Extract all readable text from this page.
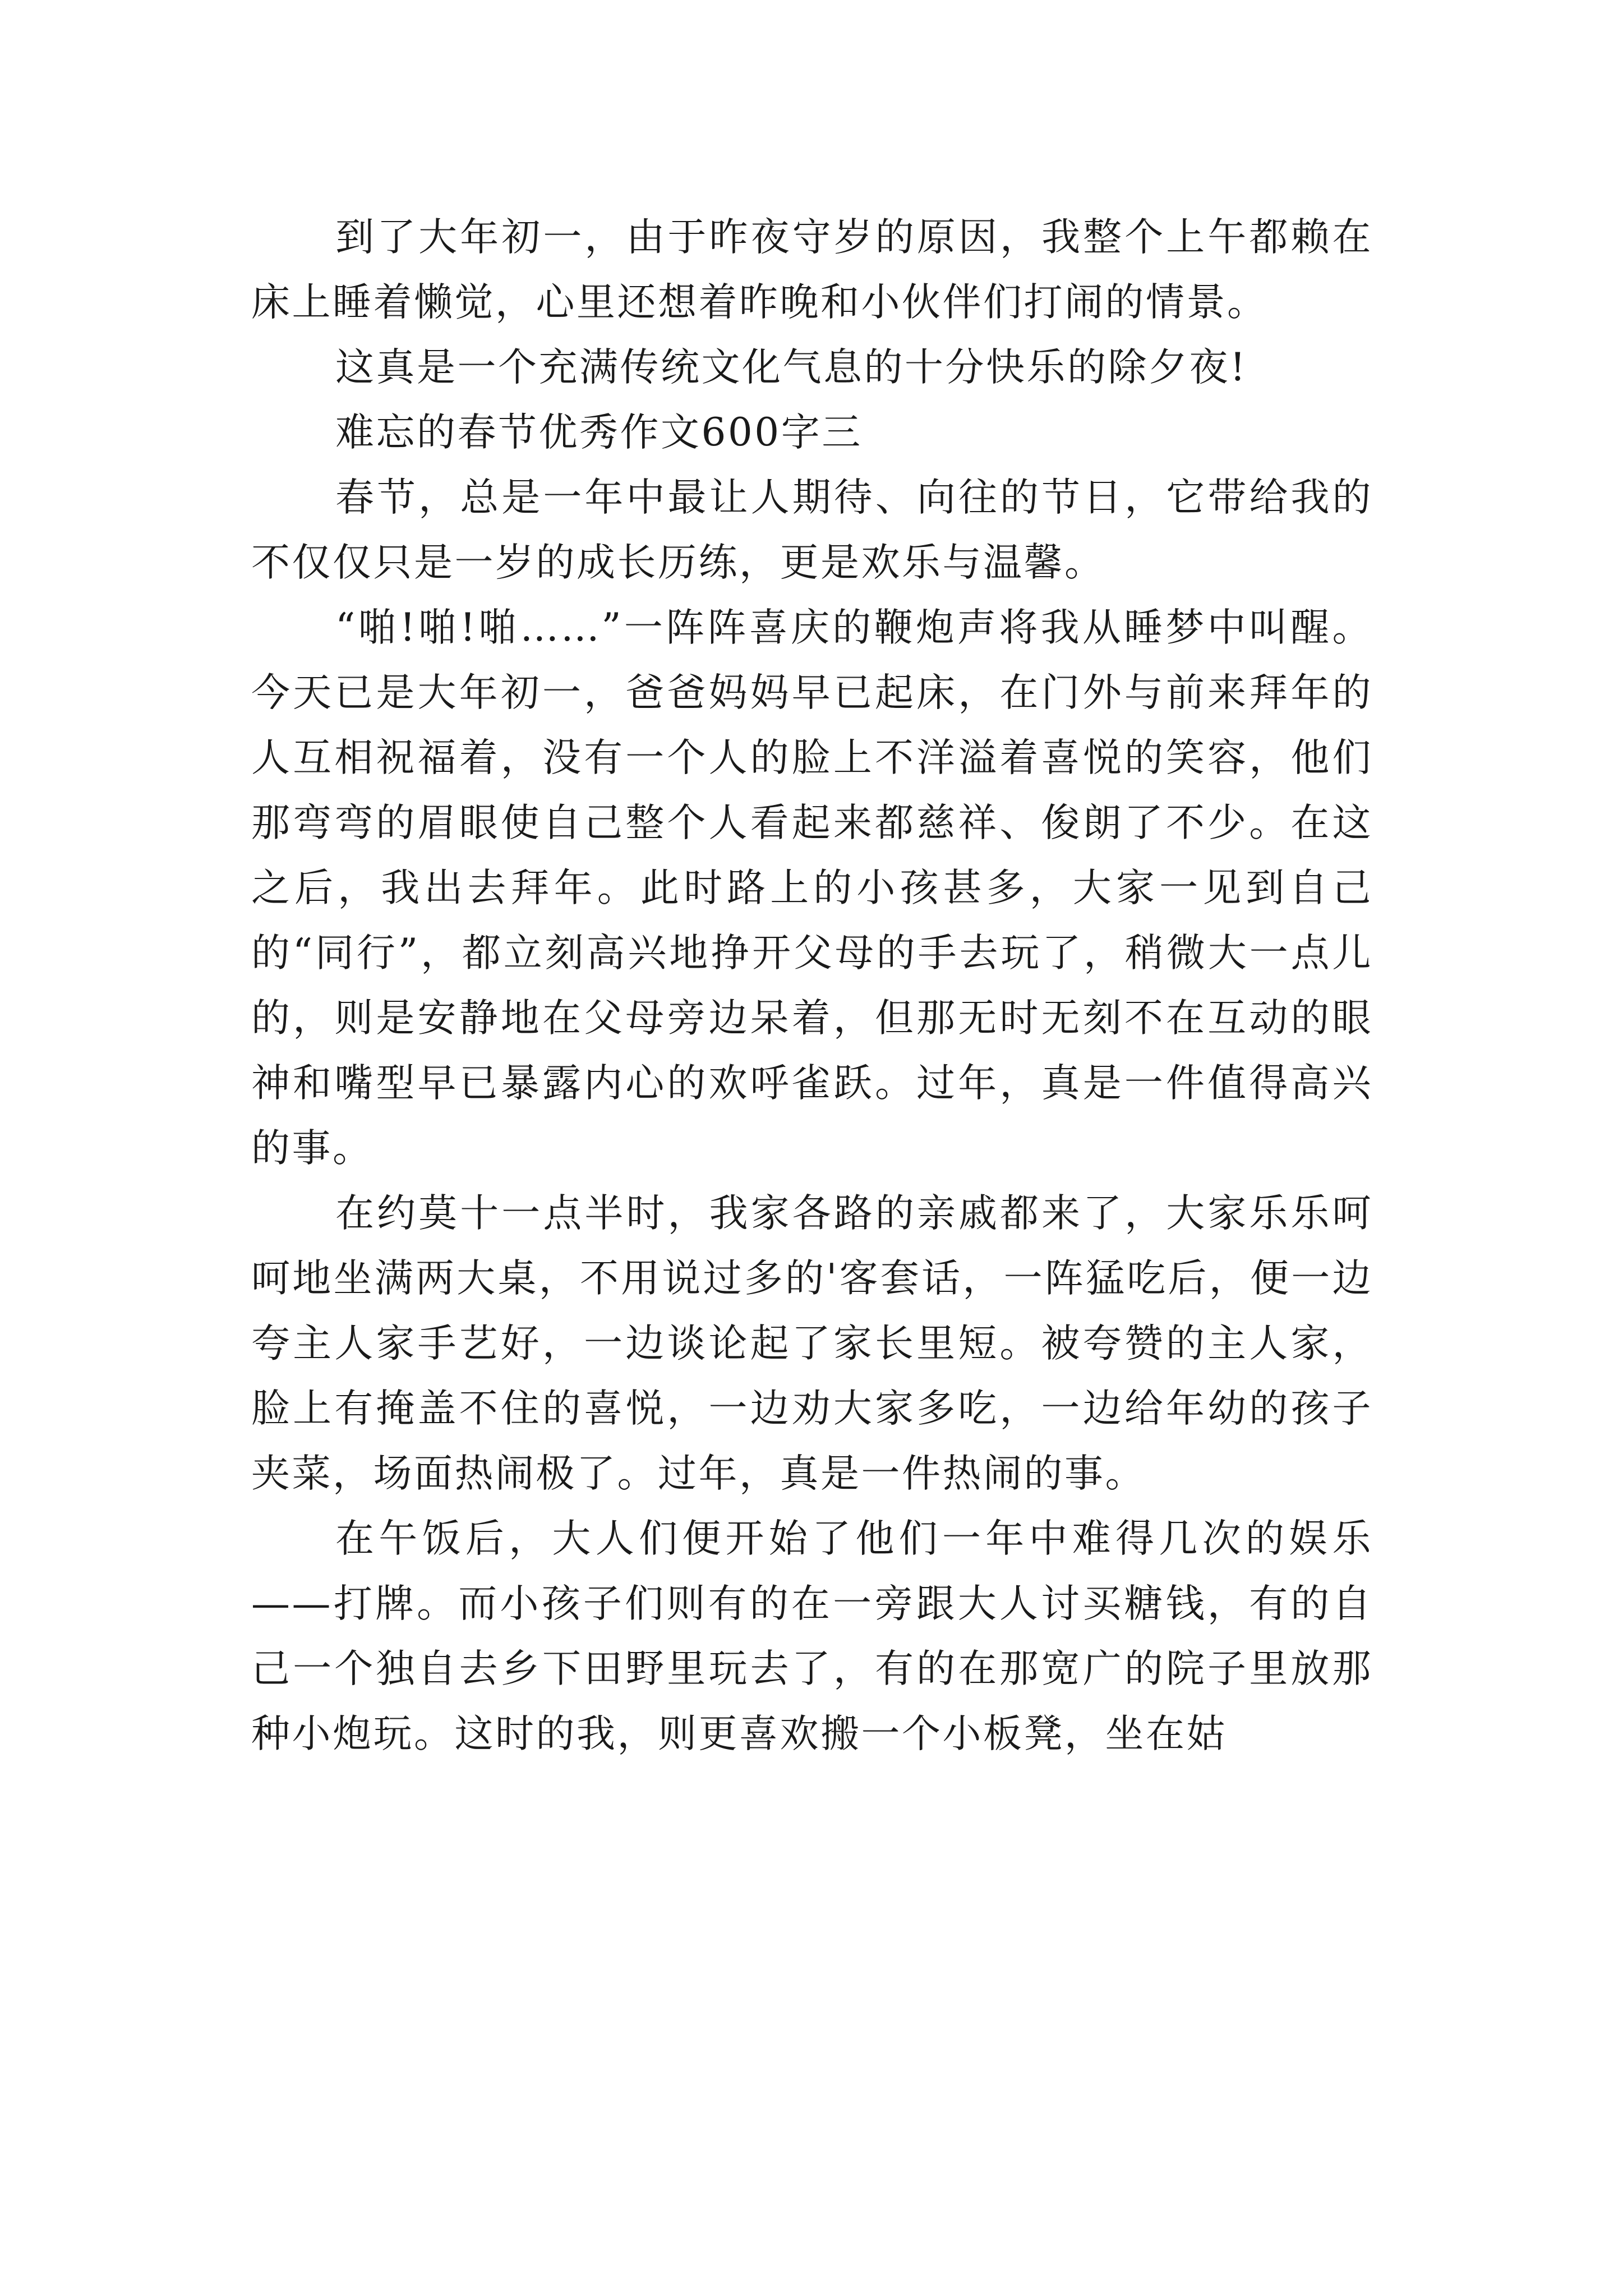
到了大年初一，由于昨夜守岁的原因，我整个上午都赖在床上睡着懒觉，心里还想着昨晚和小伙伴们打闹的情景。

这真是一个充满传统文化气息的十分快乐的除夕夜!

难忘的春节优秀作文600字三

春节，总是一年中最让人期待、向往的节日，它带给我的不仅仅只是一岁的成长历练，更是欢乐与温馨。

“啪!啪!啪……”一阵阵喜庆的鞭炮声将我从睡梦中叫醒。今天已是大年初一，爸爸妈妈早已起床，在门外与前来拜年的人互相祝福着，没有一个人的脸上不洋溢着喜悦的笑容，他们那弯弯的眉眼使自己整个人看起来都慈祥、俊朗了不少。在这之后，我出去拜年。此时路上的小孩甚多，大家一见到自己的“同行”，都立刻高兴地挣开父母的手去玩了，稍微大一点儿的，则是安静地在父母旁边呆着，但那无时无刻不在互动的眼神和嘴型早已暴露内心的欢呼雀跃。过年，真是一件值得高兴的事。

在约莫十一点半时，我家各路的亲戚都来了，大家乐乐呵呵地坐满两大桌，不用说过多的'客套话，一阵猛吃后，便一边夸主人家手艺好，一边谈论起了家长里短。被夸赞的主人家，脸上有掩盖不住的喜悦，一边劝大家多吃，一边给年幼的孩子夹菜，场面热闹极了。过年，真是一件热闹的事。

在午饭后，大人们便开始了他们一年中难得几次的娱乐——打牌。而小孩子们则有的在一旁跟大人讨买糖钱，有的自己一个独自去乡下田野里玩去了，有的在那宽广的院子里放那种小炮玩。这时的我，则更喜欢搬一个小板凳，坐在姑
